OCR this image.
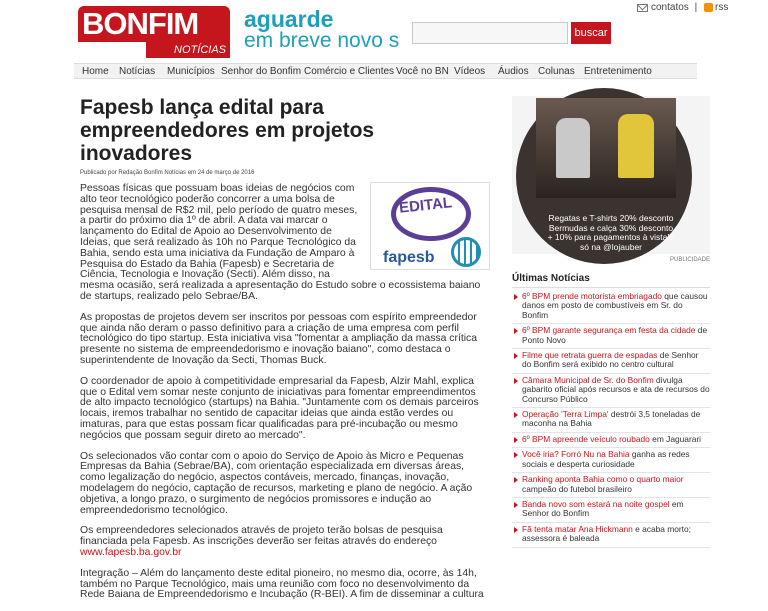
BONFIM
NOTÍCIAS
aguarde
em breve novo s	buscar
contatos | rss
Home Notícias Municípios Senhor do Bonfim Comércio e Clientes Você no BN Vídeos Áudios Colunas Entretenimento
Fapesb lança edital para empreendedores em projetos inovadores
Publicado por Redação Bonfim Notícias em 24 de março de 2016
EDITAL
fapesb

Pessoas físicas que possuam boas ideias de negócios com alto teor tecnológico poderão concorrer a uma bolsa de pesquisa mensal de R$2 mil, pelo período de quatro meses, a partir do próximo dia 1º de abril. A data vai marcar o lançamento do Edital de Apoio ao Desenvolvimento de Ideias, que será realizado às 10h no Parque Tecnológico da Bahia, sendo esta uma iniciativa da Fundação de Amparo à Pesquisa do Estado da Bahia (Fapesb) e Secretaria de Ciência, Tecnologia e Inovação (Secti). Além disso, na mesma ocasião, será realizada a apresentação do Estudo sobre o ecossistema baiano de startups, realizado pelo Sebrae/BA.

As propostas de projetos devem ser inscritos por pessoas com espírito empreendedor que ainda não deram o passo definitivo para a criação de uma empresa com perfil tecnológico do tipo startup. Esta iniciativa visa "fomentar a ampliação da massa crítica presente no sistema de empreendedorismo e inovação baiano", como destaca o superintendente de Inovação da Secti, Thomas Buck.

O coordenador de apoio à competitividade empresarial da Fapesb, Alzir Mahl, explica que o Edital vem somar neste conjunto de iniciativas para fomentar empreendimentos de alto impacto tecnológico (startups) na Bahia. "Juntamente com os demais parceiros locais, iremos trabalhar no sentido de capacitar ideias que ainda estão verdes ou imaturas, para que estas possam ficar qualificadas para pré-incubação ou mesmo negócios que possam seguir direto ao mercado".

Os selecionados vão contar com o apoio do Serviço de Apoio às Micro e Pequenas Empresas da Bahia (Sebrae/BA), com orientação especializada em diversas áreas, como legalização do negócio, aspectos contáveis, mercado, finanças, inovação, modelagem do negócio, captação de recursos, marketing e plano de negócio. A ação objetiva, a longo prazo, o surgimento de negócios promissores e indução ao empreendedorismo tecnológico.

Os empreendedores selecionados através de projeto terão bolsas de pesquisa financiada pela Fapesb. As inscrições deverão ser feitas através do endereço www.fapesb.ba.gov.br

Integração – Além do lançamento deste edital pioneiro, no mesmo dia, ocorre, às 14h, também no Parque Tecnológico, mais uma reunião com foco no desenvolvimento da Rede Baiana de Empreendedorismo e Incubação (R-BEI). A fim de disseminar a cultura

Regatas e T-shirts 20% desconto
Bermudas e calça 30% desconto
+ 10% para pagamentos à vista!!!
só na @lojauber
PUBLICIDADE
Últimas Notícias
6º BPM prende motorista embriagado que causou danos em posto de combustíveis em Sr. do Bonfim
6º BPM garante segurança em festa da cidade de Ponto Novo
Filme que retrata guerra de espadas de Senhor do Bonfim será exibido no centro cultural
Câmara Municipal de Sr. do Bonfim divulga gabarito oficial após recursos e ata de recursos do Concurso Público
Operação 'Terra Limpa' destrói 3,5 toneladas de maconha na Bahia
6º BPM apreende veículo roubado em Jaguarari
Você iria? Forró Nu na Bahia ganha as redes sociais e desperta curiosidade
Ranking aponta Bahia como o quarto maior campeão do futebol brasileiro
Banda novo som estará na noite gospel em Senhor do Bonfim
Fã tenta matar Ana Hickmann e acaba morto; assessora é baleada
